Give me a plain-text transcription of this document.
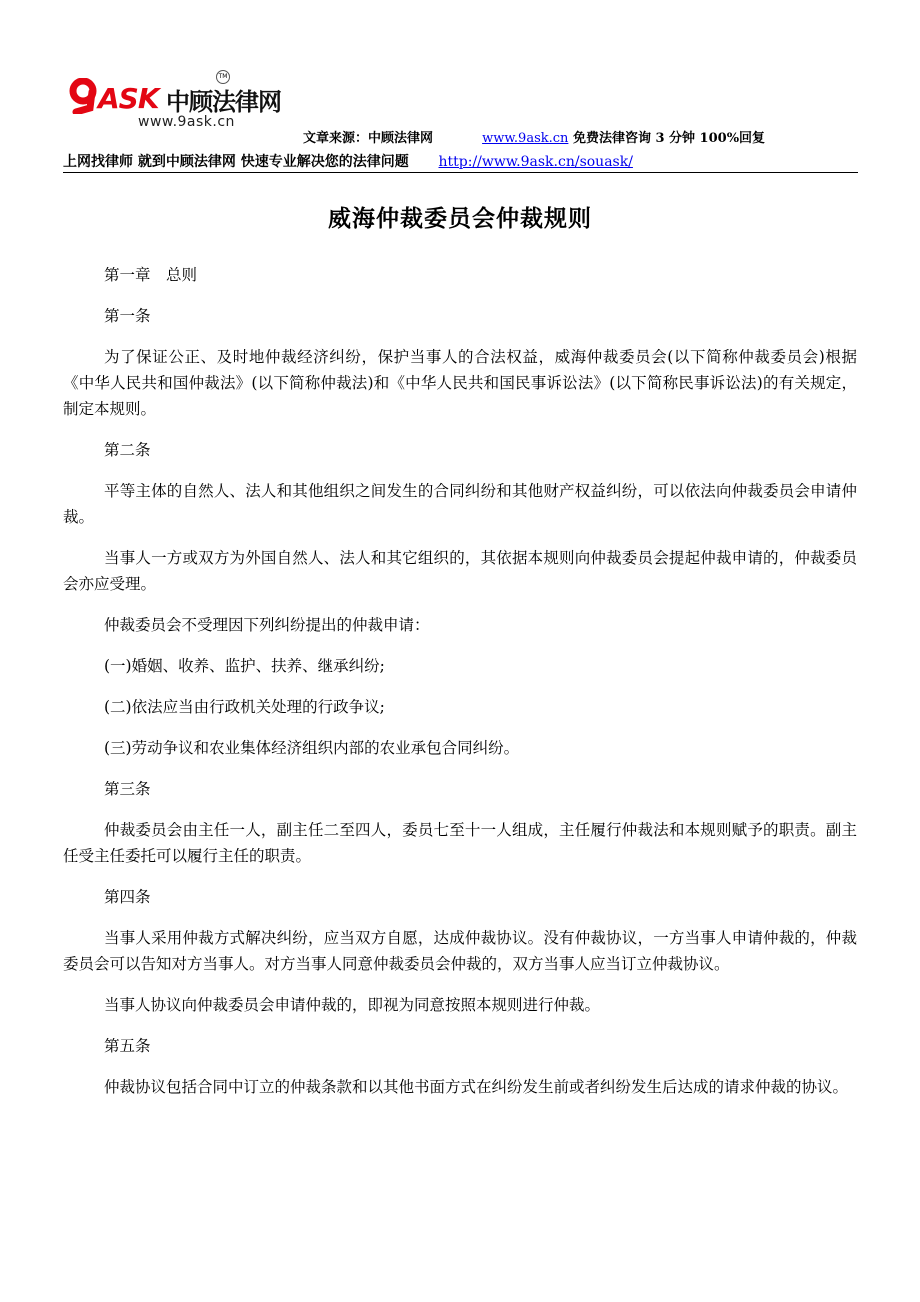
ASK 中顾法律网
TM
www.9ask.cn
文章来源：中顾法律网	www.9ask.cn 免费法律咨询 3 分钟 100%回复
上网找律师 就到中顾法律网 快速专业解决您的法律问题 http://www.9ask.cn/souask/
威海仲裁委员会仲裁规则

第一章　总则

第一条

为了保证公正、及时地仲裁经济纠纷，保护当事人的合法权益，威海仲裁委员会(以下简称仲裁委员会)根据《中华人民共和国仲裁法》(以下简称仲裁法)和《中华人民共和国民事诉讼法》(以下简称民事诉讼法)的有关规定，制定本规则。

第二条

平等主体的自然人、法人和其他组织之间发生的合同纠纷和其他财产权益纠纷，可以依法向仲裁委员会申请仲裁。

当事人一方或双方为外国自然人、法人和其它组织的，其依据本规则向仲裁委员会提起仲裁申请的，仲裁委员会亦应受理。

仲裁委员会不受理因下列纠纷提出的仲裁申请：

(一)婚姻、收养、监护、扶养、继承纠纷;

(二)依法应当由行政机关处理的行政争议;

(三)劳动争议和农业集体经济组织内部的农业承包合同纠纷。

第三条

仲裁委员会由主任一人，副主任二至四人，委员七至十一人组成，主任履行仲裁法和本规则赋予的职责。副主任受主任委托可以履行主任的职责。

第四条

当事人采用仲裁方式解决纠纷，应当双方自愿，达成仲裁协议。没有仲裁协议，一方当事人申请仲裁的，仲裁委员会可以告知对方当事人。对方当事人同意仲裁委员会仲裁的，双方当事人应当订立仲裁协议。

当事人协议向仲裁委员会申请仲裁的，即视为同意按照本规则进行仲裁。

第五条

仲裁协议包括合同中订立的仲裁条款和以其他书面方式在纠纷发生前或者纠纷发生后达成的请求仲裁的协议。
